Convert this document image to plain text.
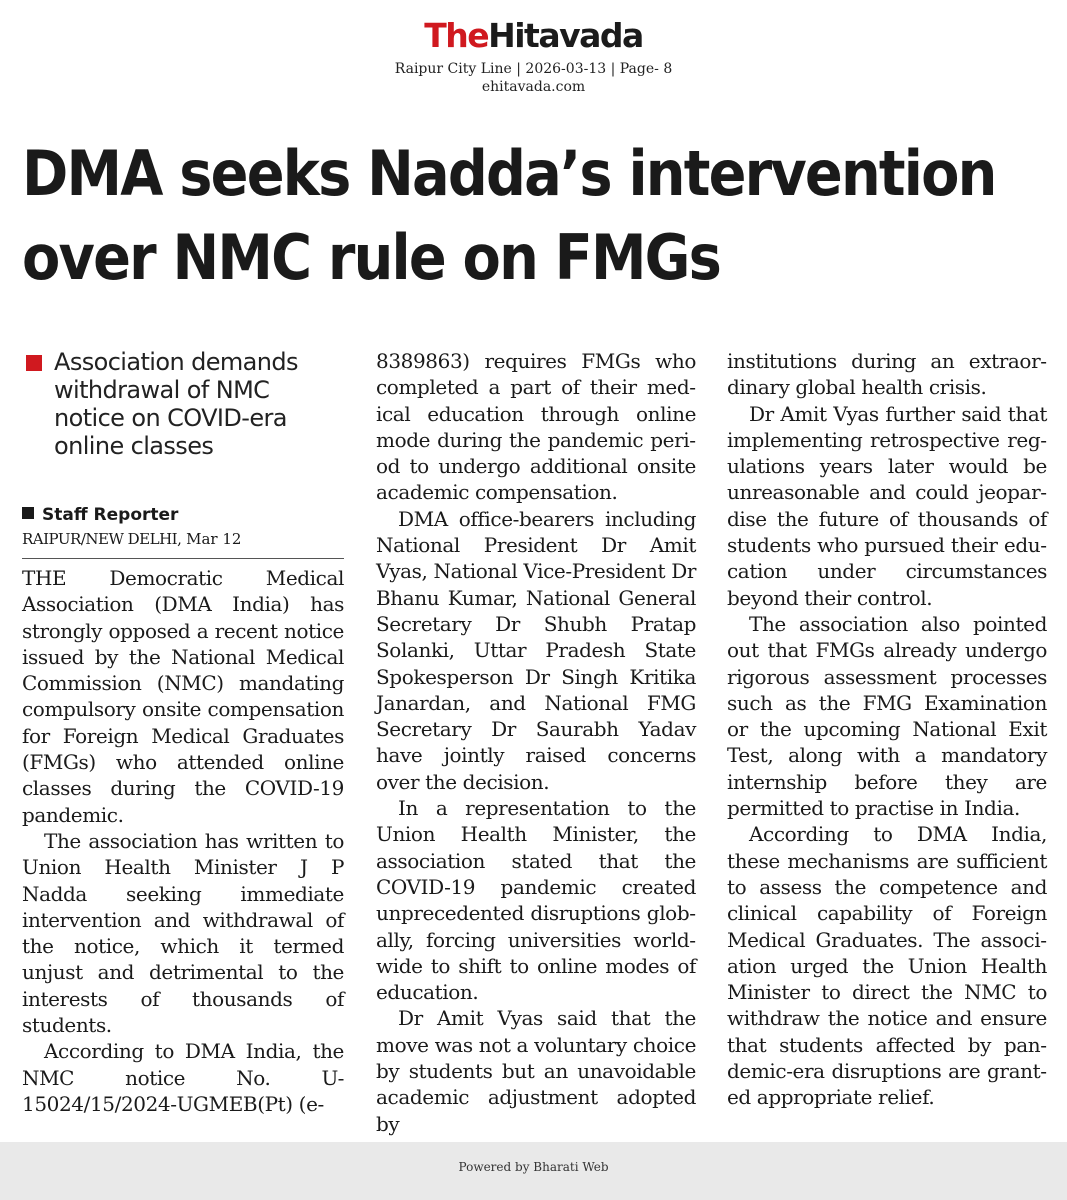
TheHitavada
Raipur City Line | 2026-03-13 | Page- 8
ehitavada.com
DMA seeks Nadda’s intervention
over NMC rule on FMGs
Association demands withdrawal of NMC notice on COVID-era online classes
Staff Reporter
RAIPUR/NEW DELHI, Mar 12

THE Democratic Medical Association (DMA India) has strongly opposed a recent notice issued by the National Medical Commission (NMC) mandating compulsory onsite compensation for Foreign Medical Graduates (FMGs) who attended online classes during the COVID-19 pandemic.

The association has written to Union Health Minister J P Nadda seeking immediate intervention and withdrawal of the notice, which it termed unjust and detrimental to the interests of thousands of students.

According to DMA India, the NMC notice No. U-15024/15/2024-UGMEB(Pt) (e-

8389863) requires FMGs who completed a part of their medical education through online mode during the pandemic period to undergo additional onsite academic compensation.

DMA office-bearers including National President Dr Amit Vyas, National Vice-President Dr Bhanu Kumar, National General Secretary Dr Shubh Pratap Solanki, Uttar Pradesh State Spokesperson Dr Singh Kritika Janardan, and National FMG Secretary Dr Saurabh Yadav have jointly raised concerns over the decision.

In a representation to the Union Health Minister, the association stated that the COVID-19 pandemic created unprecedented disruptions globally, forcing universities worldwide to shift to online modes of education.

Dr Amit Vyas said that the move was not a voluntary choice by students but an unavoidable academic adjustment adopted by

institutions during an extraordinary global health crisis.

Dr Amit Vyas further said that implementing retrospective regulations years later would be unreasonable and could jeopardise the future of thousands of students who pursued their education under circumstances beyond their control.

The association also pointed out that FMGs already undergo rigorous assessment processes such as the FMG Examination or the upcoming National Exit Test, along with a mandatory internship before they are permitted to practise in India.

According to DMA India, these mechanisms are sufficient to assess the competence and clinical capability of Foreign Medical Graduates. The association urged the Union Health Minister to direct the NMC to withdraw the notice and ensure that students affected by pandemic-era disruptions are granted appropriate relief.

Powered by Bharati Web
